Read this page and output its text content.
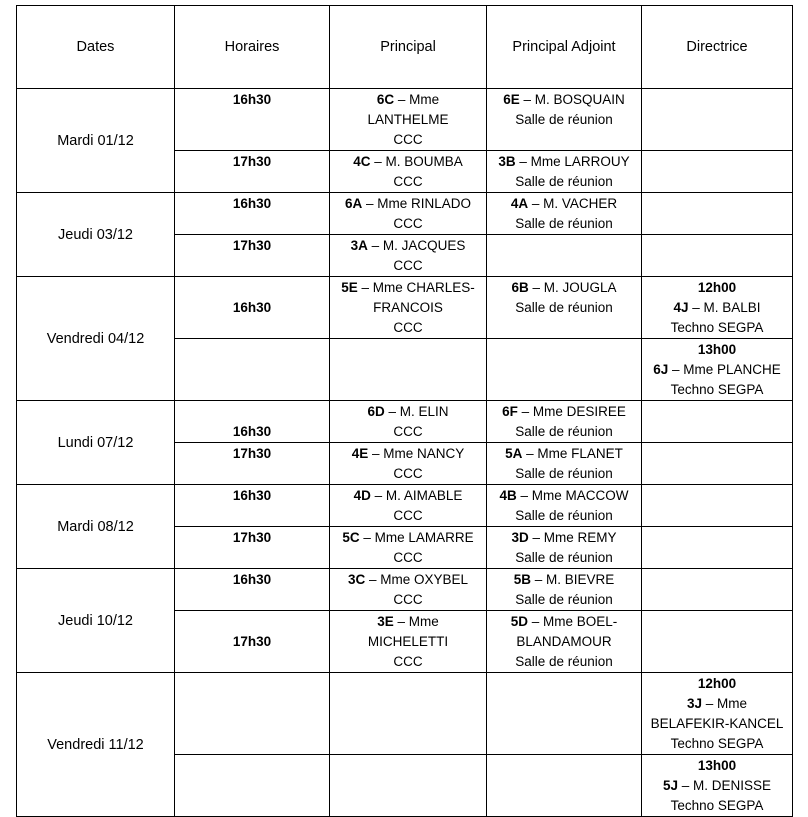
Dates	Horaires	Principal	Principal Adjoint	Directrice
Mardi 01/12	16h30	6C – Mme
LANTHELME
CCC	6E – M. BOSQUAIN
Salle de réunion	

	17h30	4C – M. BOUMBA
CCC	3B – Mme LARROUY
Salle de réunion	

Jeudi 03/12	16h30	6A – Mme RINLADO
CCC	4A – M. VACHER
Salle de réunion	

	17h30	3A – M. JACQUES
CCC		

Vendredi 04/12	16h30	5E – Mme CHARLES-
FRANCOIS
CCC	6B – M. JOUGLA
Salle de réunion	12h00
4J – M. BALBI
Techno SEGPA

				13h00
6J – Mme PLANCHE
Techno SEGPA

Lundi 07/12	16h30	6D – M. ELIN
CCC	6F – Mme DESIREE
Salle de réunion	

	17h30	4E – Mme NANCY
CCC	5A – Mme FLANET
Salle de réunion	

Mardi 08/12	16h30	4D – M. AIMABLE
CCC	4B – Mme MACCOW
Salle de réunion	

	17h30	5C – Mme LAMARRE
CCC	3D – Mme REMY
Salle de réunion	

Jeudi 10/12	16h30	3C – Mme OXYBEL
CCC	5B – M. BIEVRE
Salle de réunion	

	17h30	3E – Mme
MICHELETTI
CCC	5D – Mme BOEL-
BLANDAMOUR
Salle de réunion	

Vendredi 11/12				12h00
3J – Mme
BELAFEKIR-KANCEL
Techno SEGPA

				13h00
5J – M. DENISSE
Techno SEGPA
